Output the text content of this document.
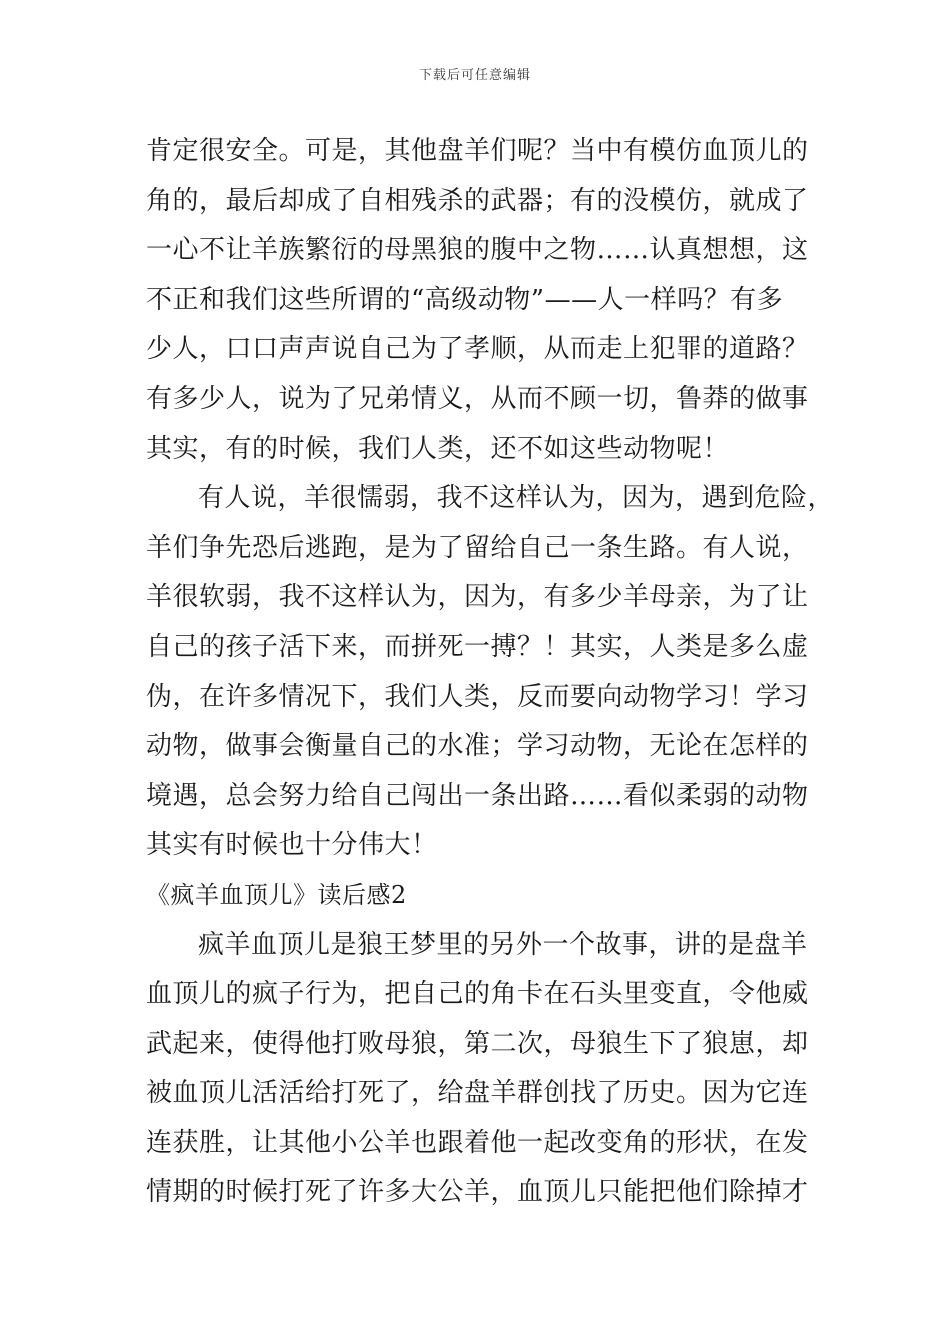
下载后可任意编辑
肯定很安全。可是，其他盘羊们呢？当中有模仿血顶儿的
角的，最后却成了自相残杀的武器；有的没模仿，就成了
一心不让羊族繁衍的母黑狼的腹中之物……认真想想，这
不正和我们这些所谓的“高级动物”——人一样吗？有多
少人，口口声声说自己为了孝顺，从而走上犯罪的道路？
有多少人，说为了兄弟情义，从而不顾一切，鲁莽的做事
其实，有的时候，我们人类，还不如这些动物呢！
有人说，羊很懦弱，我不这样认为，因为，遇到危险，
羊们争先恐后逃跑，是为了留给自己一条生路。有人说，
羊很软弱，我不这样认为，因为，有多少羊母亲，为了让
自己的孩子活下来，而拼死一搏？！其实，人类是多么虚
伪，在许多情况下，我们人类，反而要向动物学习！学习
动物，做事会衡量自己的水准；学习动物，无论在怎样的
境遇，总会努力给自己闯出一条出路……看似柔弱的动物
其实有时候也十分伟大！
《疯羊血顶儿》读后感2
疯羊血顶儿是狼王梦里的另外一个故事，讲的是盘羊
血顶儿的疯子行为，把自己的角卡在石头里变直，令他威
武起来，使得他打败母狼，第二次，母狼生下了狼崽，却
被血顶儿活活给打死了，给盘羊群创找了历史。因为它连
连获胜，让其他小公羊也跟着他一起改变角的形状，在发
情期的时候打死了许多大公羊，血顶儿只能把他们除掉才
